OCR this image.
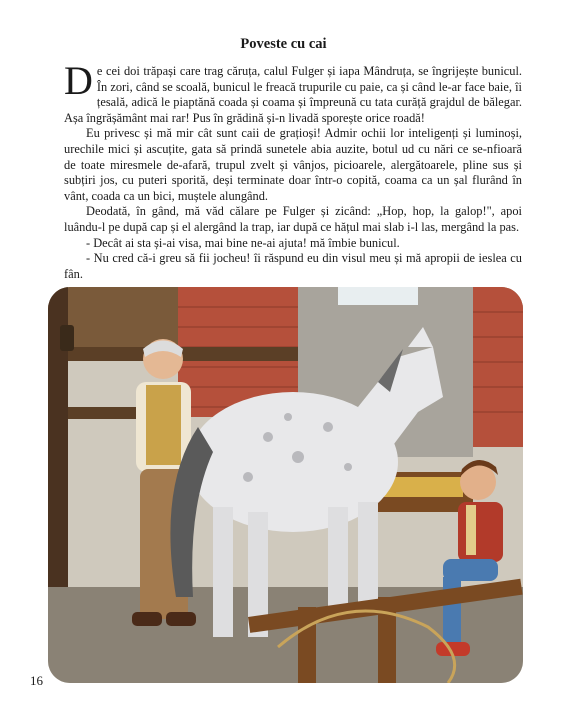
Poveste cu cai

De cei doi trăpași care trag căruța, calul Fulger și iapa Mândruța, se îngrijește bunicul. În zori, când se scoală, bunicul le freacă trupurile cu paie, ca și când le-ar face baie, îi țesală, adică le piaptănă coada și coama și împreună cu tata curăță grajdul de bălegar. Așa îngrășământ mai rar! Pus în grădină și-n livadă sporește orice roadă!

Eu privesc și mă mir cât sunt caii de grațioși! Admir ochii lor inteligenți și luminoși, urechile mici și ascuțite, gata să prindă sunetele abia auzite, botul ud cu nări ce se-nfioară de toate miresmele de-afară, trupul zvelt și vânjos, picioarele, alergătoarele, pline sus și subțiri jos, cu puteri sporită, deși terminate doar într-o copită, coama ca un șal flurând în vânt, coada ca un bici, muștele alungând.

Deodată, în gând, mă văd călare pe Fulger și zicând: „Hop, hop, la galop!", apoi luându-l pe după cap și el alergând la trap, iar după ce hățul mai slab i-l las, mergând la pas.

- Decât ai sta și-ai visa, mai bine ne-ai ajuta! mă îmbie bunicul.

- Nu cred că-i greu să fii jocheu! îi răspund eu din visul meu și mă apropii de ieslea cu fân.

16
